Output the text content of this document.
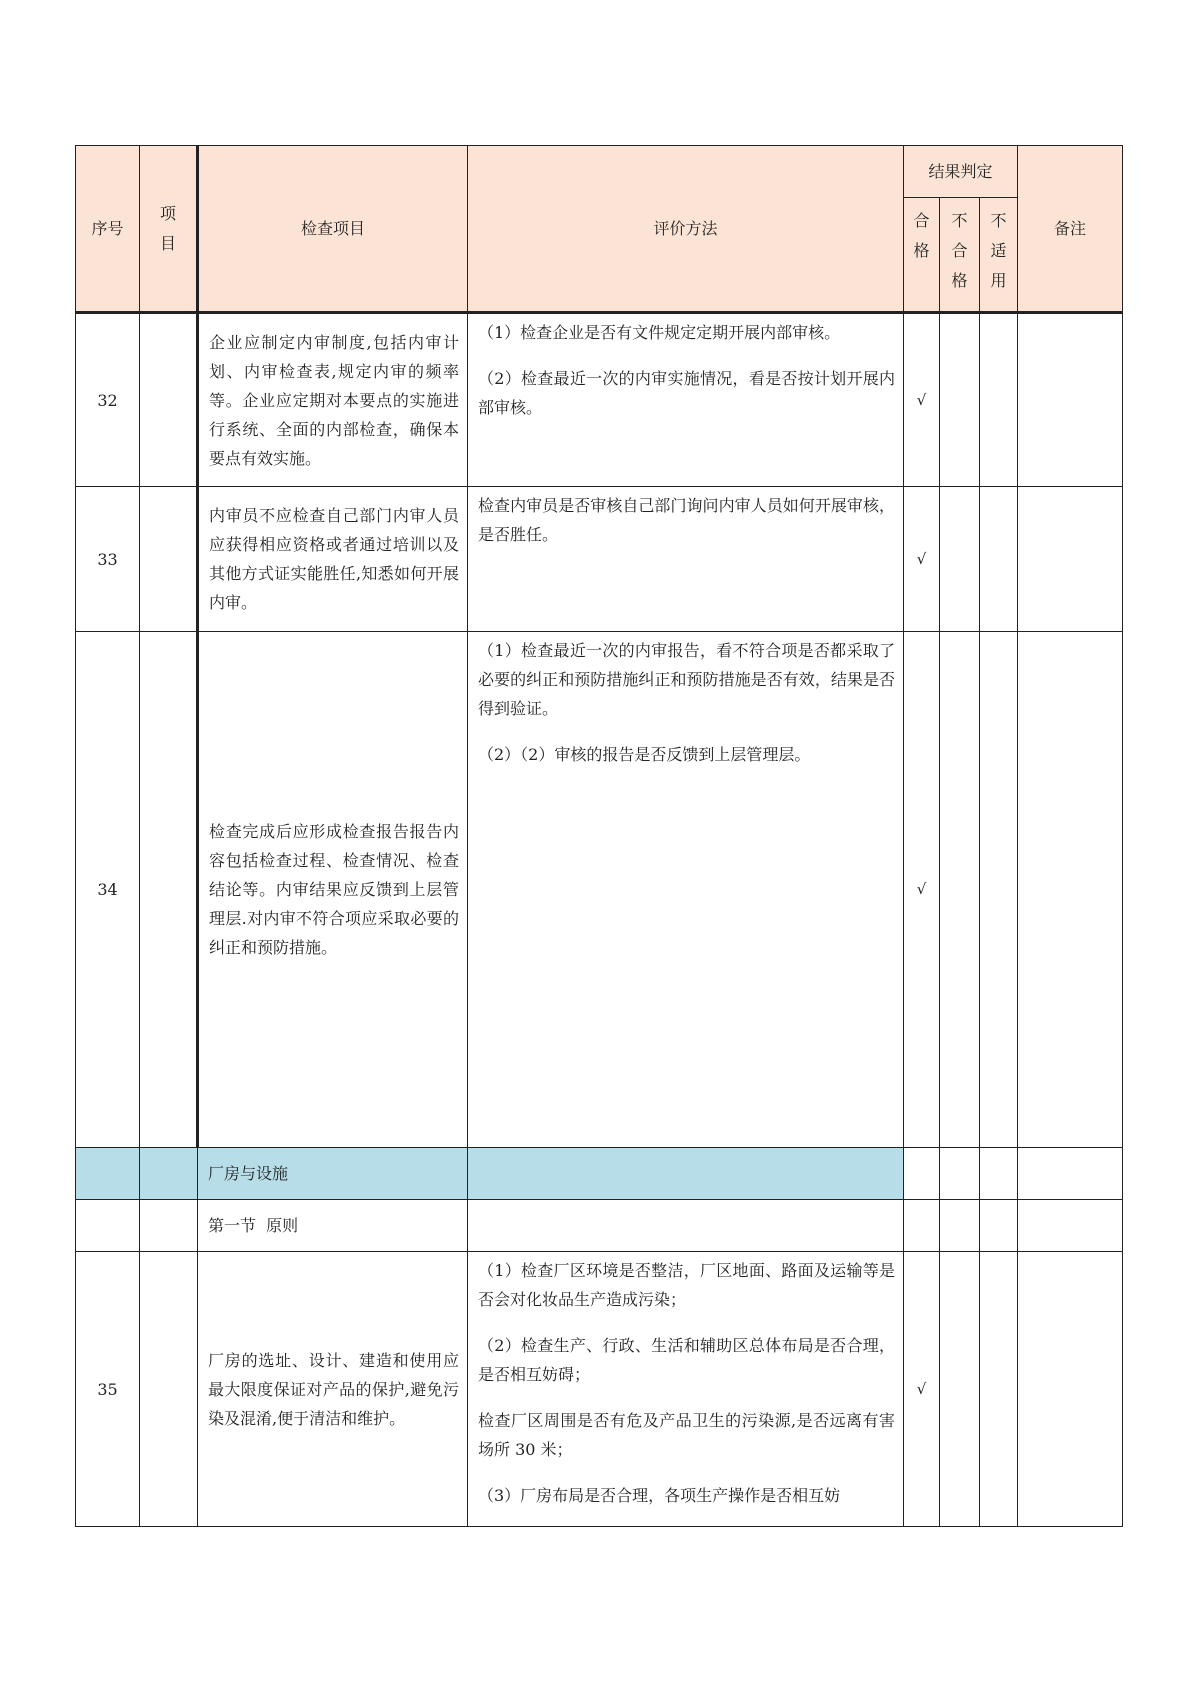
序号	项目	检查项目	评价方法	结果判定			备注
				合格	不合格	不适用	
32		企业应制定内审制度,包括内审计划、内审检查表,规定内审的频率等。企业应定期对本要点的实施进行系统、全面的内部检查，确保本要点有效实施。	（1）检查企业是否有文件规定定期开展内部审核。

（2）检查最近一次的内审实施情况，看是否按计划开展内部审核。	√			
33		内审员不应检查自己部门内审人员应获得相应资格或者通过培训以及其他方式证实能胜任,知悉如何开展内审。	检查内审员是否审核自己部门询问内审人员如何开展审核，是否胜任。	√			
34		检查完成后应形成检查报告报告内容包括检查过程、检查情况、检查结论等。内审结果应反馈到上层管理层.对内审不符合项应采取必要的纠正和预防措施。	（1）检查最近一次的内审报告，看不符合项是否都采取了必要的纠正和预防措施纠正和预防措施是否有效，结果是否得到验证。

（2）（2）审核的报告是否反馈到上层管理层。	√			
		厂房与设施					
		第一节  原则					
35		厂房的选址、设计、建造和使用应最大限度保证对产品的保护,避免污染及混淆,便于清洁和维护。	（1）检查厂区环境是否整洁，厂区地面、路面及运输等是否会对化妆品生产造成污染；

（2）检查生产、行政、生活和辅助区总体布局是否合理，是否相互妨碍；

检查厂区周围是否有危及产品卫生的污染源,是否远离有害场所 30 米；

（3）厂房布局是否合理，各项生产操作是否相互妨	√			
